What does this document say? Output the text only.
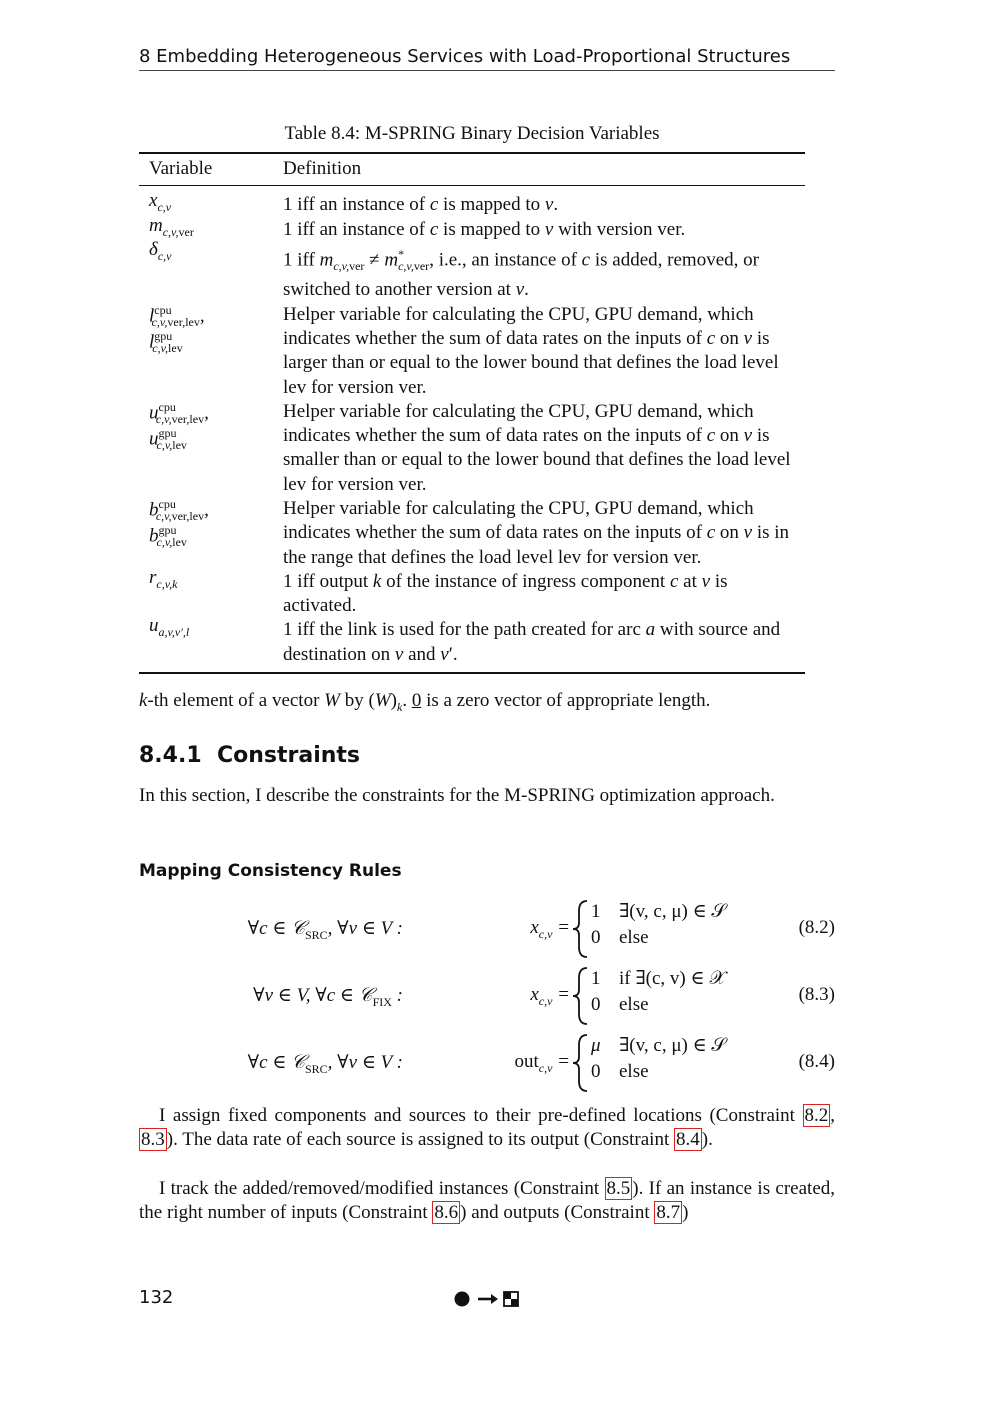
8 Embedding Heterogeneous Services with Load-Proportional Structures
Table 8.4: M-SPRING Binary Decision Variables
Variable	Definition
$x_{c,v}$	1 iff an instance of c is mapped to v.
$m_{c,v,ver}$	1 iff an instance of c is mapped to v with version ver.
$\delta_{c,v}$	1 iff $m_{c,v,ver} \ne m^*_{c,v,ver}$, i.e., an instance of c is added, removed, or switched to another version at v.

$l^{cpu}_{c,v,ver,lev}$,
$l^{gpu}_{c,v,lev}$	Helper variable for calculating the CPU, GPU demand, which indicates whether the sum of data rates on the inputs of c on v is larger than or equal to the lower bound that defines the load level lev for version ver.

$u^{cpu}_{c,v,ver,lev}$,
$u^{gpu}_{c,v,lev}$	Helper variable for calculating the CPU, GPU demand, which indicates whether the sum of data rates on the inputs of c on v is smaller than or equal to the lower bound that defines the load level lev for version ver.

$b^{cpu}_{c,v,ver,lev}$,
$b^{gpu}_{c,v,lev}$	Helper variable for calculating the CPU, GPU demand, which indicates whether the sum of data rates on the inputs of c on v is in the range that defines the load level lev for version ver.
$r_{c,v,k}$	1 iff output k of the instance of ingress component c at v is activated.
$u_{a,v,v',l}$	1 iff the link is used for the path created for arc a with source and destination on v and v′.
k-th element of a vector W by $(W)_k$. 0 is a zero vector of appropriate length.
8.4.1 Constraints
In this section, I describe the constraints for the M-SPRING optimization approach.
Mapping Consistency Rules
∀c ∈ 𝒞$_{SRC}$, ∀v ∈ V :	$x_{c,v}$ =
1 ∃(v, c, μ) ∈ 𝒮
0 else	(8.2)
∀v ∈ V, ∀c ∈ 𝒞$_{FIX}$ :	$x_{c,v}$ =
1 if ∃(c, v) ∈ 𝒳
0 else	(8.3)
∀c ∈ 𝒞$_{SRC}$, ∀v ∈ V :	out$_{c,v}$ =
μ ∃(v, c, μ) ∈ 𝒮
0 else	(8.4)
I assign fixed components and sources to their pre-defined locations (Constraint 8.2 , 8.3 ). The data rate of each source is assigned to its output (Constraint 8.4 ).
I track the added/removed/modified instances (Constraint 8.5 ). If an instance is created, the right number of inputs (Constraint 8.6 ) and outputs (Constraint 8.7 )
132
